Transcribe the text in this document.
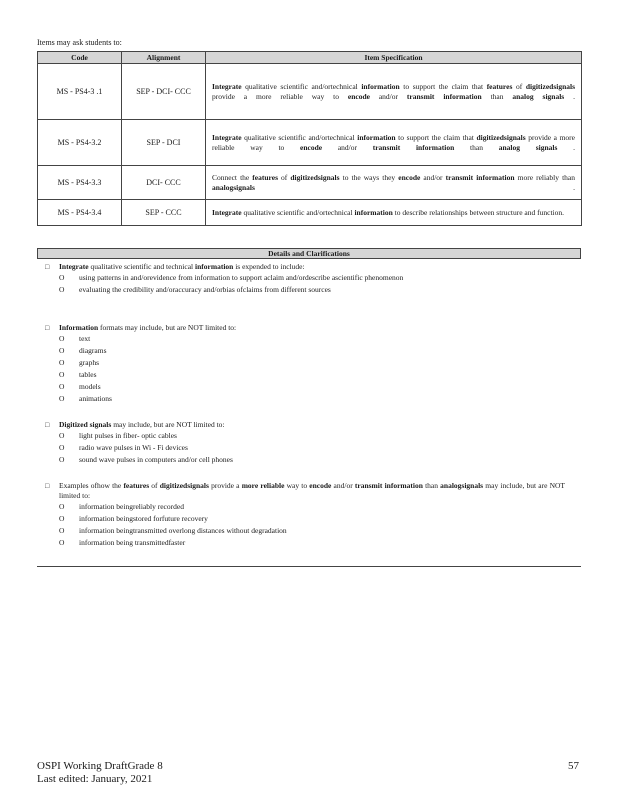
Items may ask students to:
Code	Alignment	Item Specification
MS - PS4-3 .1	SEP - DCI- CCC	Integrate qualitative scientific and/ortechnical information to support the claim that features of digitizedsignals provide a more reliable way to encode and/or transmit information than analog signals .
MS - PS4-3.2	SEP - DCI	Integrate qualitative scientific and/ortechnical information to support the claim that digitizedsignals provide a more reliable way to encode and/or transmit information than analog signals .
MS - PS4-3.3	DCI- CCC	Connect the features of digitizedsignals to the ways they encode and/or transmit information more reliably than analogsignals .
MS - PS4-3.4	SEP - CCC	Integrate qualitative scientific and/ortechnical information to describe relationships between structure and function.
Details and Clarifications
□ Integrate qualitative scientific and technical information is expended to include:
O using patterns in and/orevidence from information to support aclaim and/ordescribe ascientific phenomenon
O evaluating the credibility and/oraccuracy and/orbias ofclaims from different sources
□ Information formats may include, but are NOT limited to:
O text
O diagrams
O graphs
O tables
O models
O animations
□ Digitized signals may include, but are NOT limited to:
O light pulses in fiber- optic cables
O radio wave pulses in Wi - Fi devices
O sound wave pulses in computers and/or cell phones
□ Examples ofhow the features of digitizedsignals provide a more reliable way to encode and/or transmit information than analogsignals may include, but are NOT limited to:
O information beingreliably recorded
O information beingstored forfuture recovery
O information beingtransmitted overlong distances without degradation
O information being transmittedfaster
OSPI Working DraftGrade 8
Last edited: January, 2021
57
